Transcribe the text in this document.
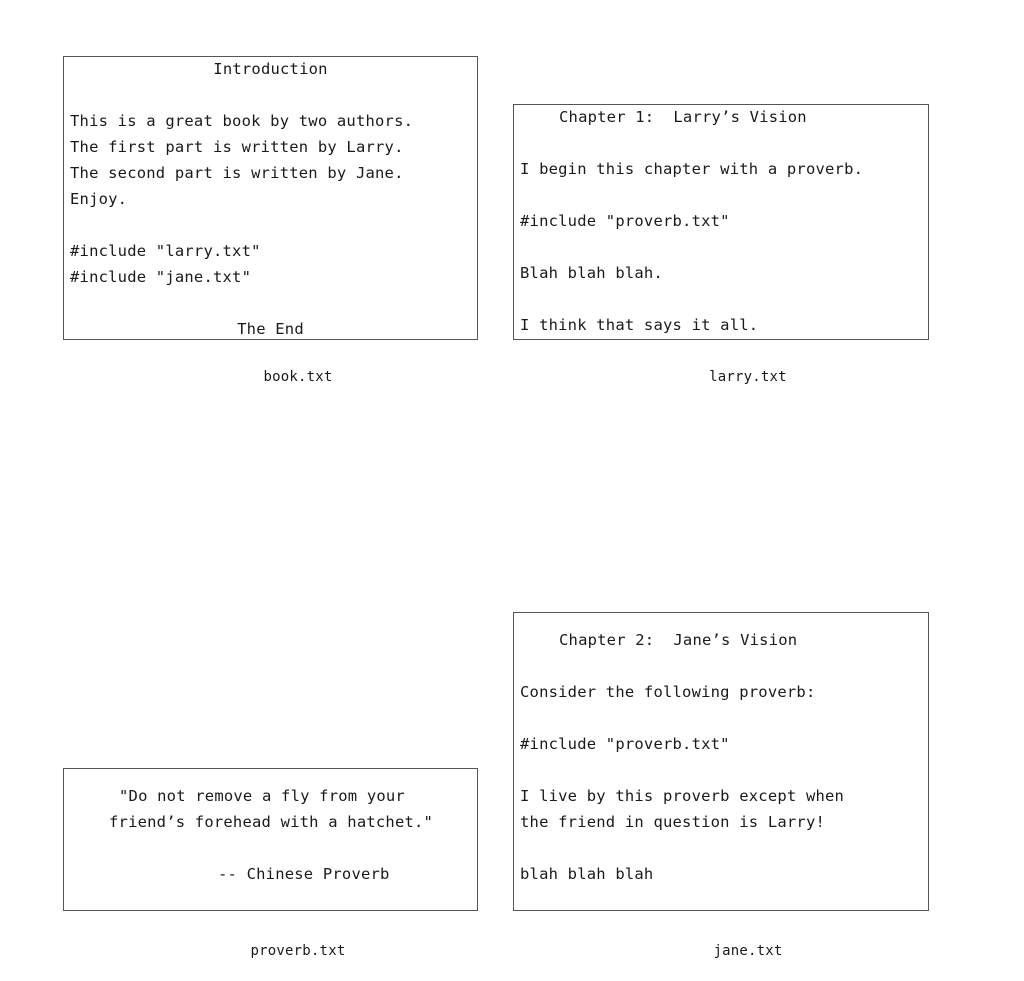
Introduction
This is a great book by two authors.
The first part is written by Larry.
The second part is written by Jane.
Enjoy.
#include "larry.txt"
#include "jane.txt"
The End
book.txt
Chapter 1:  Larry’s Vision
I begin this chapter with a proverb.
#include "proverb.txt"
Blah blah blah.
I think that says it all.
larry.txt
"Do not remove a fly from your
friend’s forehead with a hatchet."
-- Chinese Proverb
proverb.txt
Chapter 2:  Jane’s Vision
Consider the following proverb:
#include "proverb.txt"
I live by this proverb except when
the friend in question is Larry!
blah blah blah
jane.txt
